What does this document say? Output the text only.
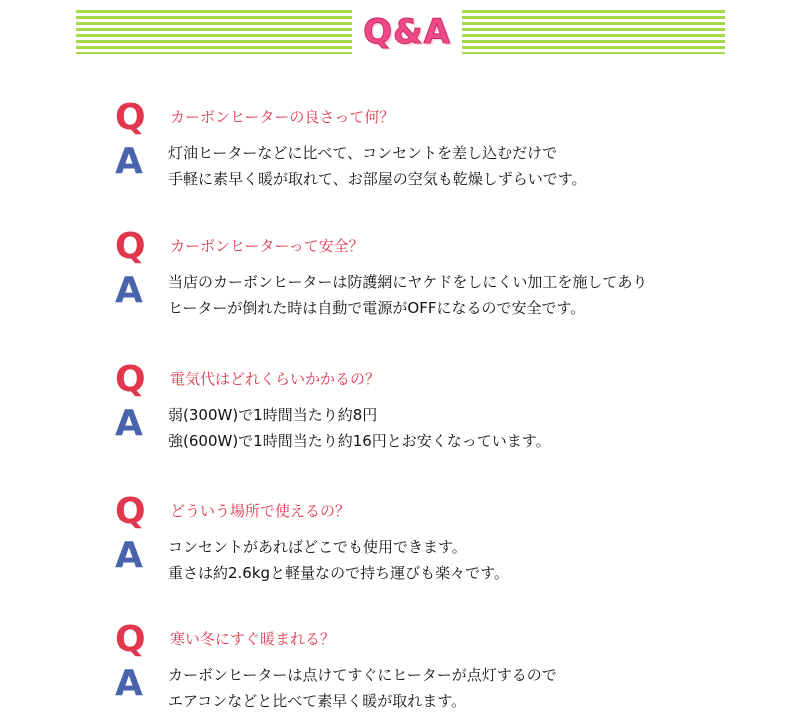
Q&A
Q カーボンヒーターの良さって何？
A 灯油ヒーターなどに比べて、コンセントを差し込むだけで
手軽に素早く暖が取れて、お部屋の空気も乾燥しずらいです。
Q カーボンヒーターって安全？
A 当店のカーボンヒーターは防護網にヤケドをしにくい加工を施してあり
ヒーターが倒れた時は自動で電源がOFFになるので安全です。
Q 電気代はどれくらいかかるの？
A 弱(300W)で1時間当たり約8円
強(600W)で1時間当たり約16円とお安くなっています。
Q どういう場所で使えるの？
A コンセントがあればどこでも使用できます。
重さは約2.6kgと軽量なので持ち運びも楽々です。
Q 寒い冬にすぐ暖まれる？
A カーボンヒーターは点けてすぐにヒーターが点灯するので
エアコンなどと比べて素早く暖が取れます。
